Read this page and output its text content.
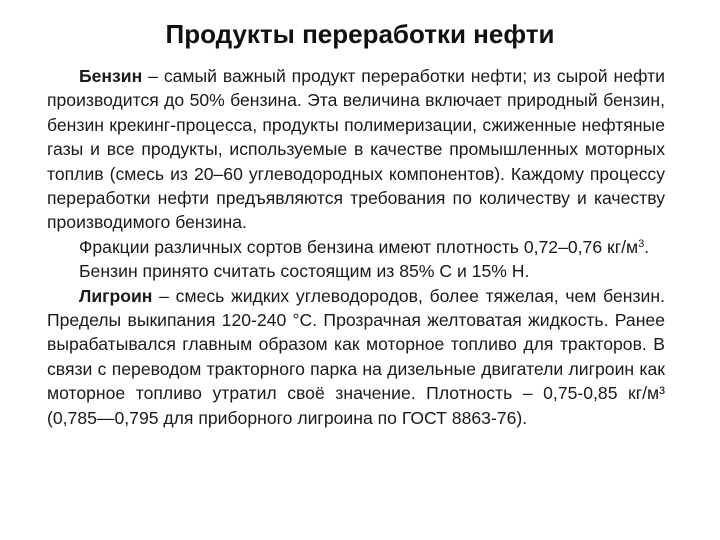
Продукты переработки нефти

Бензин – самый важный продукт переработки нефти; из сырой нефти производится до 50% бензина. Эта величина включает природный бензин, бензин крекинг-процесса, продукты полимеризации, сжиженные нефтяные газы и все продукты, используемые в качестве промышленных моторных топлив (смесь из 20–60 углеводородных компонентов). Каждому процессу переработки нефти предъявляются требования по количеству и качеству производимого бензина.

Фракции различных сортов бензина имеют плотность 0,72–0,76 $кг/м^3$.

Бензин принято считать состоящим из 85% C и 15% H.

Лигроин – смесь жидких углеводородов, более тяжелая, чем бензин. Пределы выкипания 120-240 °С. Прозрачная желтоватая жидкость. Ранее вырабатывался главным образом как моторное топливо для тракторов. В связи с переводом тракторного парка на дизельные двигатели лигроин как моторное топливо утратил своё значение. Плотность – 0,75-0,85 кг/м³ (0,785—0,795 для приборного лигроина по ГОСТ 8863-76).
